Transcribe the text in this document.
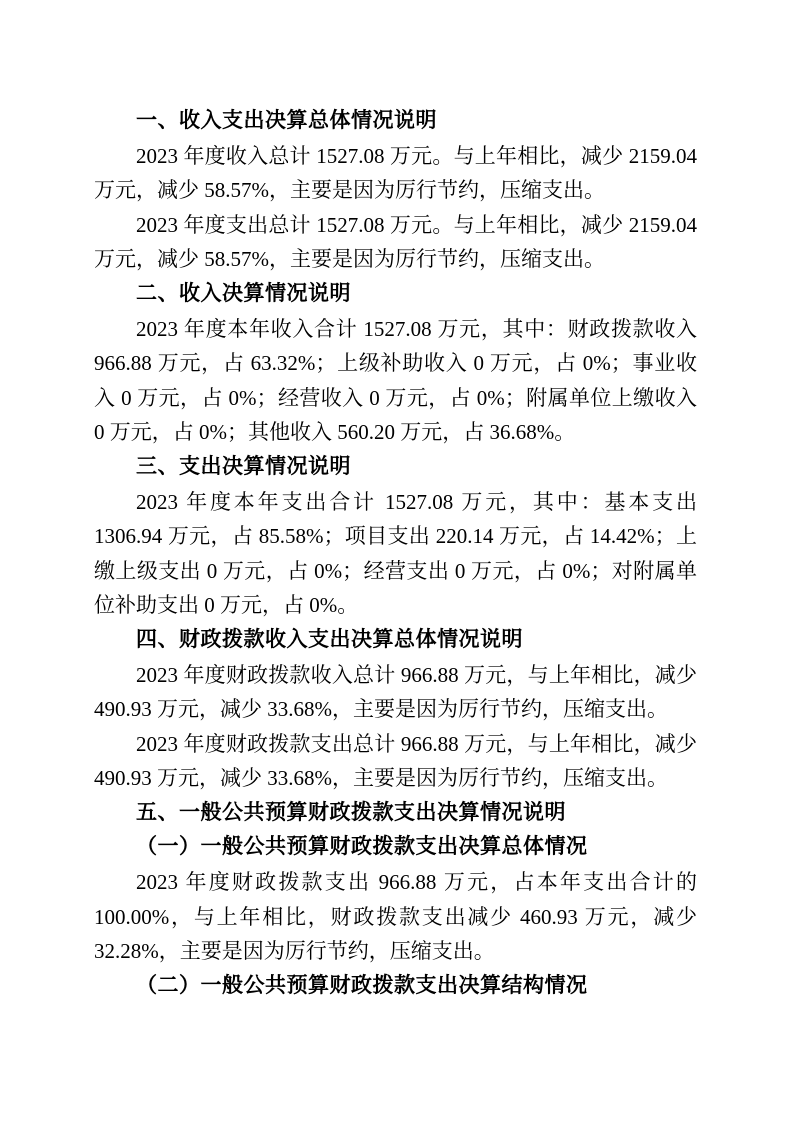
一、收入支出决算总体情况说明

2023 年度收入总计 1527.08 万元。与上年相比，减少 2159.04 万元，减少 58.57%，主要是因为厉行节约，压缩支出。

2023 年度支出总计 1527.08 万元。与上年相比，减少 2159.04 万元，减少 58.57%，主要是因为厉行节约，压缩支出。

二、收入决算情况说明

2023 年度本年收入合计 1527.08 万元，其中：财政拨款收入 966.88 万元，占 63.32%；上级补助收入 0 万元，占 0%；事业收入 0 万元，占 0%；经营收入 0 万元，占 0%；附属单位上缴收入 0 万元，占 0%；其他收入 560.20 万元，占 36.68%。

三、支出决算情况说明

2023 年度本年支出合计 1527.08 万元，其中：基本支出 1306.94 万元，占 85.58%；项目支出 220.14 万元，占 14.42%；上缴上级支出 0 万元，占 0%；经营支出 0 万元，占 0%；对附属单位补助支出 0 万元，占 0%。

四、财政拨款收入支出决算总体情况说明

2023 年度财政拨款收入总计 966.88 万元，与上年相比，减少 490.93 万元，减少 33.68%，主要是因为厉行节约，压缩支出。

2023 年度财政拨款支出总计 966.88 万元，与上年相比，减少 490.93 万元，减少 33.68%，主要是因为厉行节约，压缩支出。

五、一般公共预算财政拨款支出决算情况说明
（一）一般公共预算财政拨款支出决算总体情况

2023 年度财政拨款支出 966.88 万元，占本年支出合计的 100.00%，与上年相比，财政拨款支出减少 460.93 万元，减少 32.28%，主要是因为厉行节约，压缩支出。

（二）一般公共预算财政拨款支出决算结构情况
